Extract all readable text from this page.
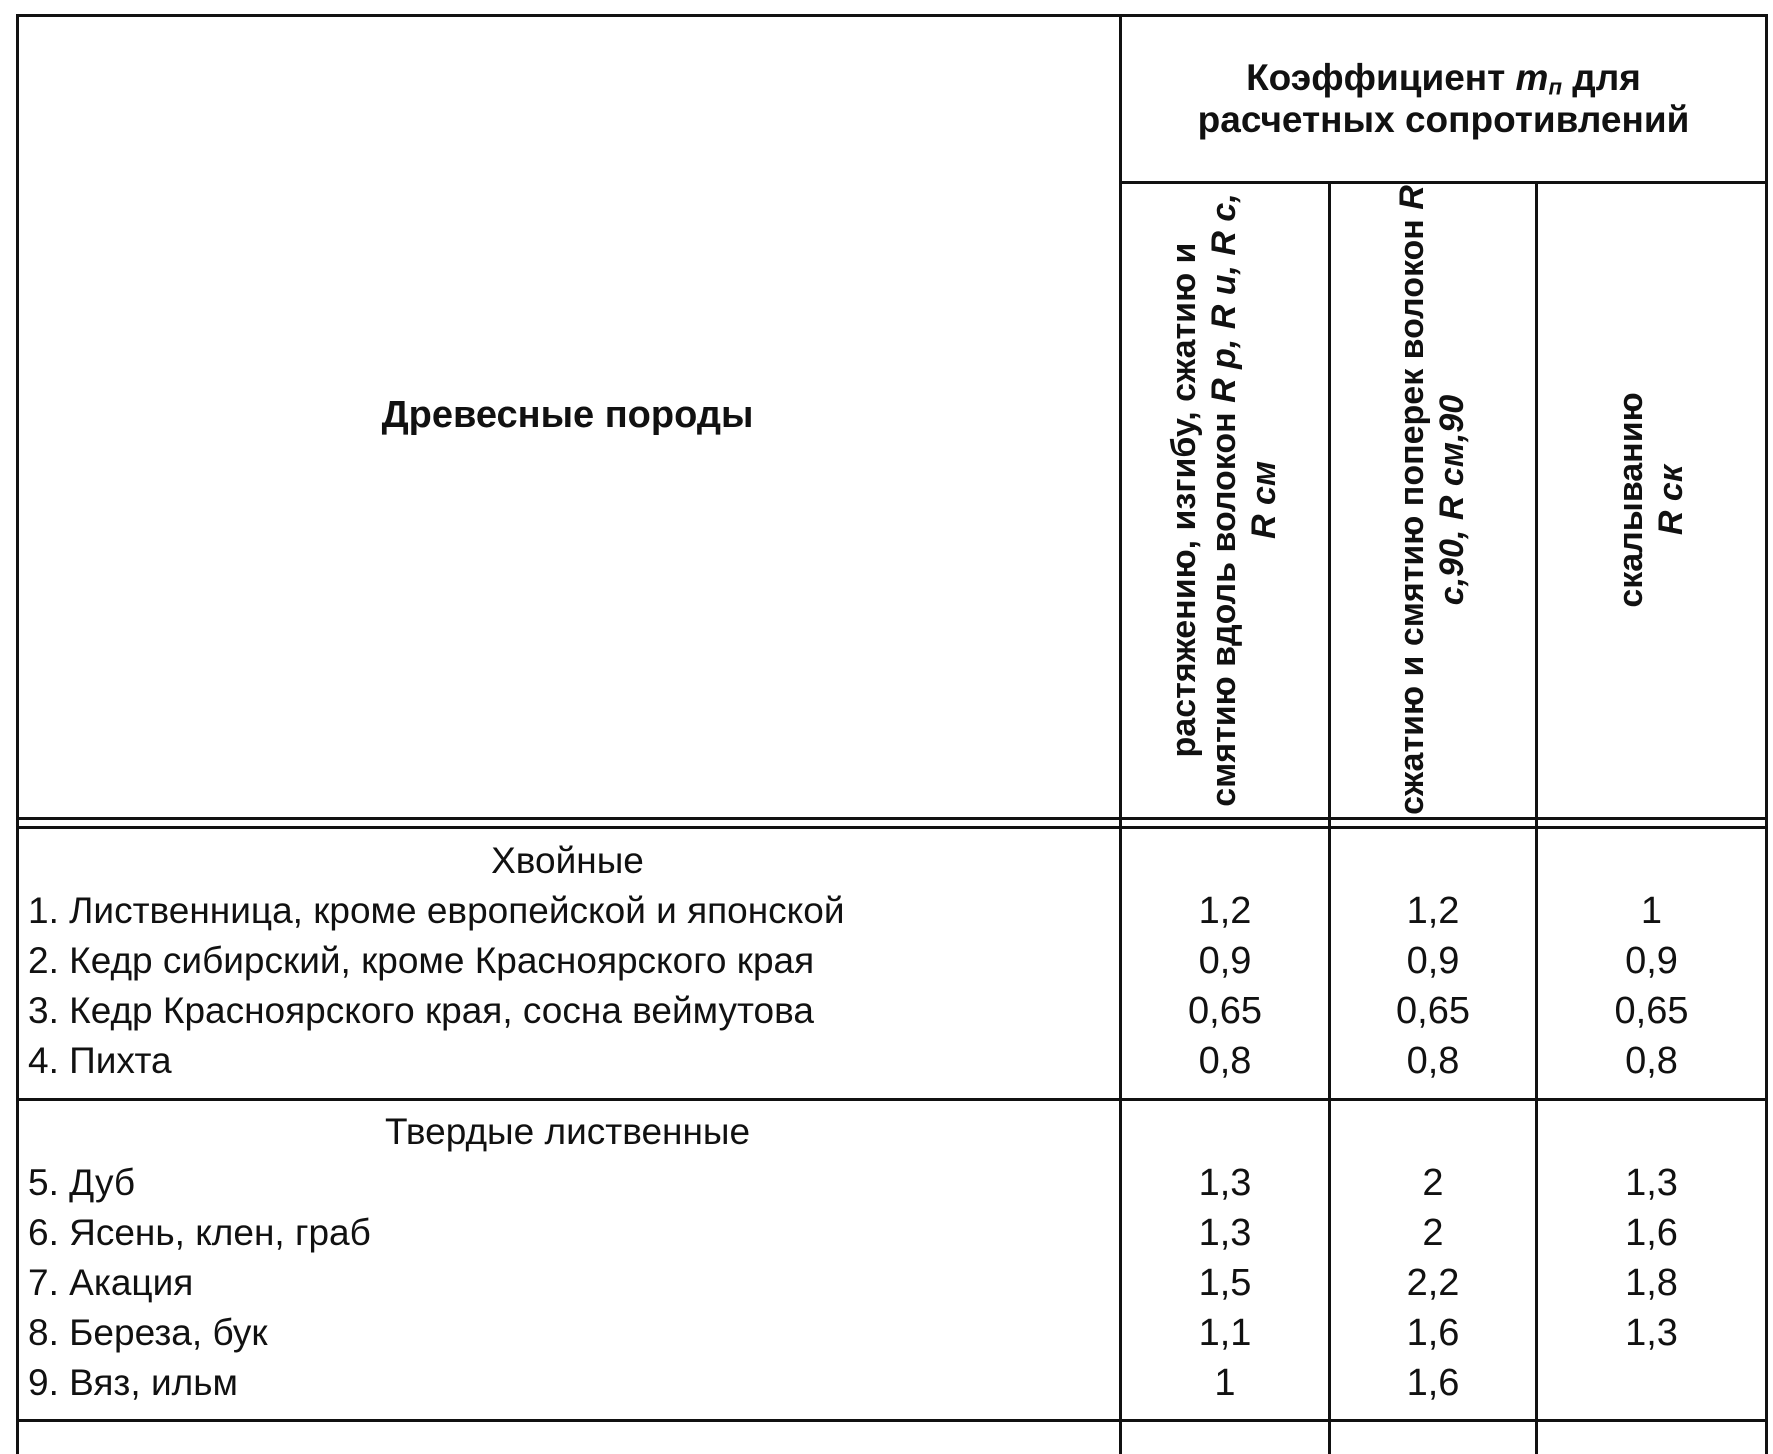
Древесные породы
Коэффициент $m_п$ для расчетных сопротивлений
растяжению, изгибу, сжатию и смятию вдоль волокон R р, R и, R с, R см	сжатию и смятию поперек волокон R с,90, R см,90	скалыванию
R ск
Хвойные
1. Лиственница, кроме европейской и японской	1,2	1,2	1
2. Кедр сибирский, кроме Красноярского края	0,9	0,9	0,9
3. Кедр Красноярского края, сосна веймутова	0,65	0,65	0,65
4. Пихта	0,8	0,8	0,8
Твердые лиственные
5. Дуб	1,3	2	1,3
6. Ясень, клен, граб	1,3	2	1,6
7. Акация	1,5	2,2	1,8
8. Береза, бук	1,1	1,6	1,3
9. Вяз, ильм	1	1,6
